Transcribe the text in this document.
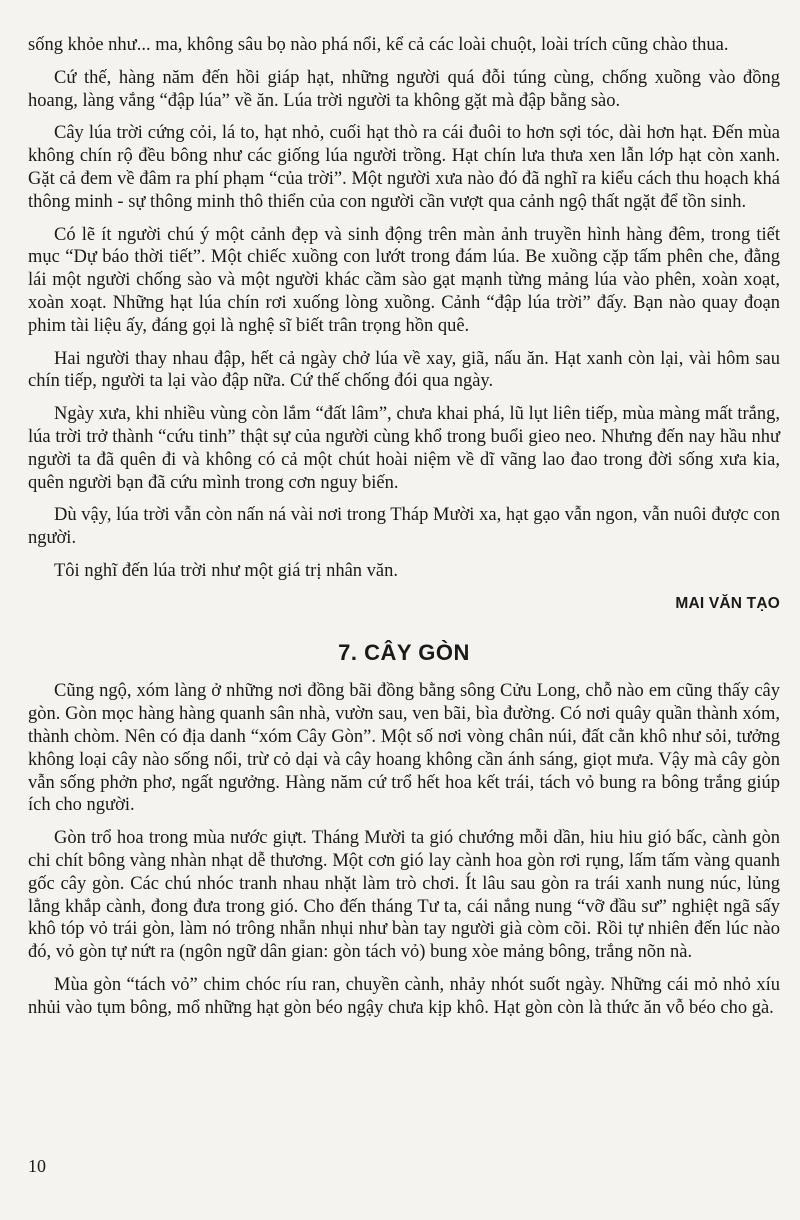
sống khỏe như... ma, không sâu bọ nào phá nổi, kể cả các loài chuột, loài trích cũng chào thua.

Cứ thế, hàng năm đến hồi giáp hạt, những người quá đỗi túng cùng, chống xuồng vào đồng hoang, làng vắng “đập lúa” về ăn. Lúa trời người ta không gặt mà đập bằng sào.

Cây lúa trời cứng cỏi, lá to, hạt nhỏ, cuối hạt thò ra cái đuôi to hơn sợi tóc, dài hơn hạt. Đến mùa không chín rộ đều bông như các giống lúa người trồng. Hạt chín lưa thưa xen lẫn lớp hạt còn xanh. Gặt cả đem về đâm ra phí phạm “của trời”. Một người xưa nào đó đã nghĩ ra kiểu cách thu hoạch khá thông minh - sự thông minh thô thiển của con người cần vượt qua cảnh ngộ thất ngặt để tồn sinh.

Có lẽ ít người chú ý một cảnh đẹp và sinh động trên màn ảnh truyền hình hàng đêm, trong tiết mục “Dự báo thời tiết”. Một chiếc xuồng con lướt trong đám lúa. Be xuồng cặp tấm phên che, đằng lái một người chống sào và một người khác cầm sào gạt mạnh từng mảng lúa vào phên, xoàn xoạt, xoàn xoạt. Những hạt lúa chín rơi xuống lòng xuồng. Cảnh “đập lúa trời” đấy. Bạn nào quay đoạn phim tài liệu ấy, đáng gọi là nghệ sĩ biết trân trọng hồn quê.

Hai người thay nhau đập, hết cả ngày chở lúa về xay, giã, nấu ăn. Hạt xanh còn lại, vài hôm sau chín tiếp, người ta lại vào đập nữa. Cứ thế chống đói qua ngày.

Ngày xưa, khi nhiều vùng còn lắm “đất lâm”, chưa khai phá, lũ lụt liên tiếp, mùa màng mất trắng, lúa trời trở thành “cứu tinh” thật sự của người cùng khổ trong buổi gieo neo. Nhưng đến nay hầu như người ta đã quên đi và không có cả một chút hoài niệm về dĩ vãng lao đao trong đời sống xưa kia, quên người bạn đã cứu mình trong cơn nguy biến.

Dù vậy, lúa trời vẫn còn nấn ná vài nơi trong Tháp Mười xa, hạt gạo vẫn ngon, vẫn nuôi được con người.

Tôi nghĩ đến lúa trời như một giá trị nhân văn.

MAI VĂN TẠO
7. CÂY GÒN

Cũng ngộ, xóm làng ở những nơi đồng bãi đồng bằng sông Cửu Long, chỗ nào em cũng thấy cây gòn. Gòn mọc hàng hàng quanh sân nhà, vườn sau, ven bãi, bìa đường. Có nơi quây quần thành xóm, thành chòm. Nên có địa danh “xóm Cây Gòn”. Một số nơi vòng chân núi, đất cằn khô như sỏi, tưởng không loại cây nào sống nổi, trừ cỏ dại và cây hoang không cần ánh sáng, giọt mưa. Vậy mà cây gòn vẫn sống phởn phơ, ngất ngưởng. Hàng năm cứ trổ hết hoa kết trái, tách vỏ bung ra bông trắng giúp ích cho người.

Gòn trổ hoa trong mùa nước giựt. Tháng Mười ta gió chướng mỗi dần, hiu hiu gió bấc, cành gòn chi chít bông vàng nhàn nhạt dễ thương. Một cơn gió lay cành hoa gòn rơi rụng, lấm tấm vàng quanh gốc cây gòn. Các chú nhóc tranh nhau nhặt làm trò chơi. Ít lâu sau gòn ra trái xanh nung núc, lủng lẳng khắp cành, đong đưa trong gió. Cho đến tháng Tư ta, cái nắng nung “vỡ đầu sư” nghiệt ngã sấy khô tóp vỏ trái gòn, làm nó trông nhẵn nhụi như bàn tay người già còm cõi. Rồi tự nhiên đến lúc nào đó, vỏ gòn tự nứt ra (ngôn ngữ dân gian: gòn tách vỏ) bung xòe mảng bông, trắng nõn nà.

Mùa gòn “tách vỏ” chim chóc ríu ran, chuyền cành, nhảy nhót suốt ngày. Những cái mỏ nhỏ xíu nhủi vào tụm bông, mổ những hạt gòn béo ngậy chưa kịp khô. Hạt gòn còn là thức ăn vỗ béo cho gà.

10
